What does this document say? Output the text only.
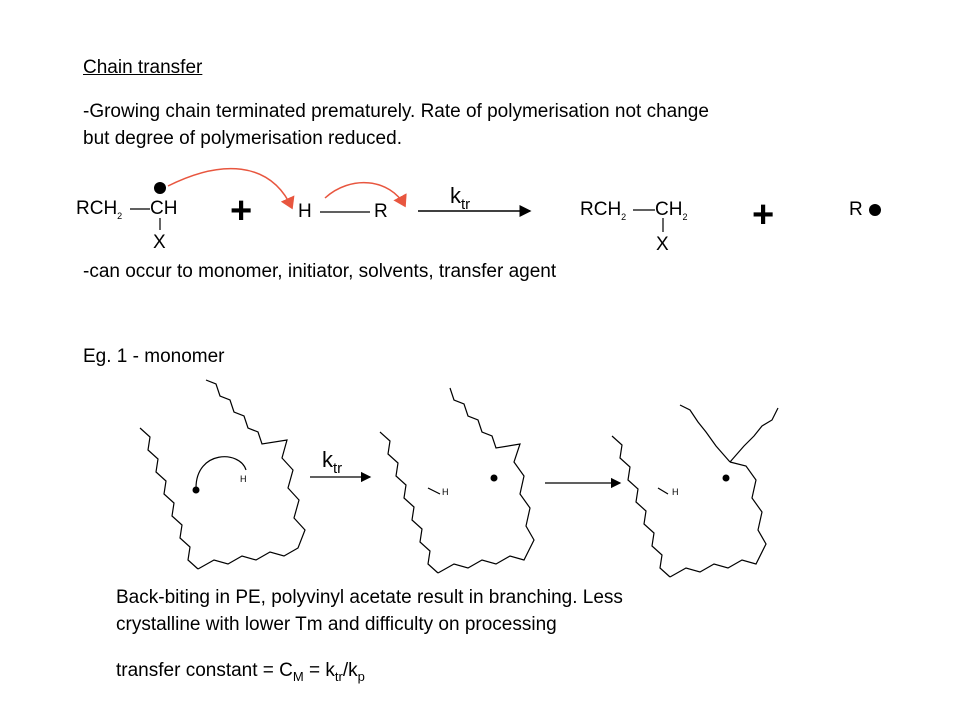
Chain transfer
-Growing chain terminated prematurely. Rate of polymerisation not change
but degree of polymerisation reduced.
$RCH_2$ CH
X
+ H	R
$k_{tr}$	$RCH_2$ $CH_2$
X
+	R
-can occur to monomer, initiator, solvents, transfer agent
Eg. 1 - monomer
$k_{tr}$
H
H	H
Back-biting in PE, polyvinyl acetate result in branching. Less
crystalline with lower Tm and difficulty on processing
transfer constant = $C_M = k_{tr}/k_p$
